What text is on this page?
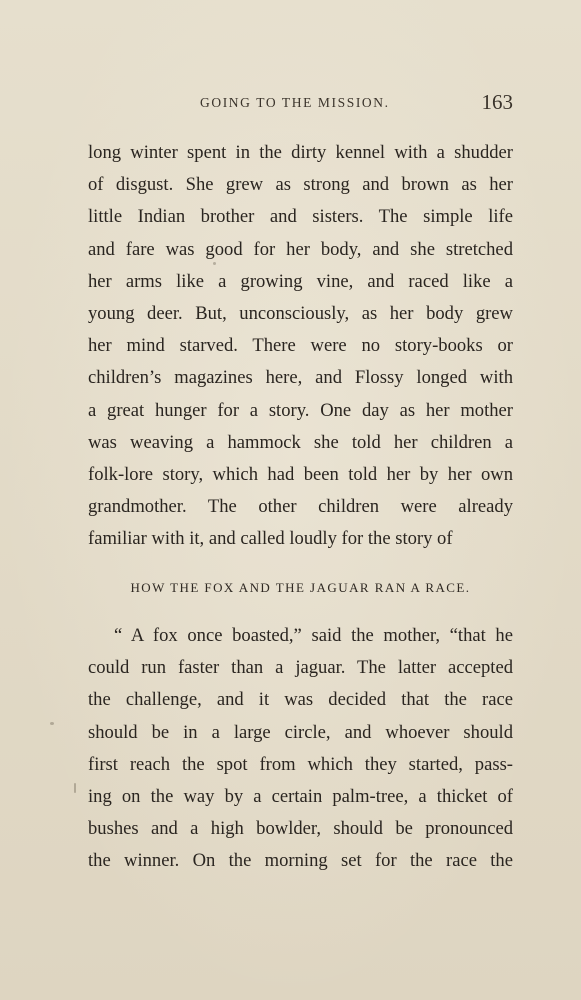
GOING TO THE MISSION.	163

long winter spent in the dirty kennel with a shudder
of disgust. She grew as strong and brown as her
little Indian brother and sisters. The simple life
and fare was good for her body, and she stretched
her arms like a growing vine, and raced like a
young deer. But, unconsciously, as her body grew
her mind starved. There were no story-books or
children’s magazines here, and Flossy longed with
a great hunger for a story. One day as her mother
was weaving a hammock she told her children a
folk-lore story, which had been told her by her own
grandmother. The other children were already
familiar with it, and called loudly for the story of

HOW THE FOX AND THE JAGUAR RAN A RACE.

“ A fox once boasted,” said the mother, “that he
could run faster than a jaguar. The latter accepted
the challenge, and it was decided that the race
should be in a large circle, and whoever should
first reach the spot from which they started, pass-
ing on the way by a certain palm-tree, a thicket of
bushes and a high bowlder, should be pronounced
the winner. On the morning set for the race the
